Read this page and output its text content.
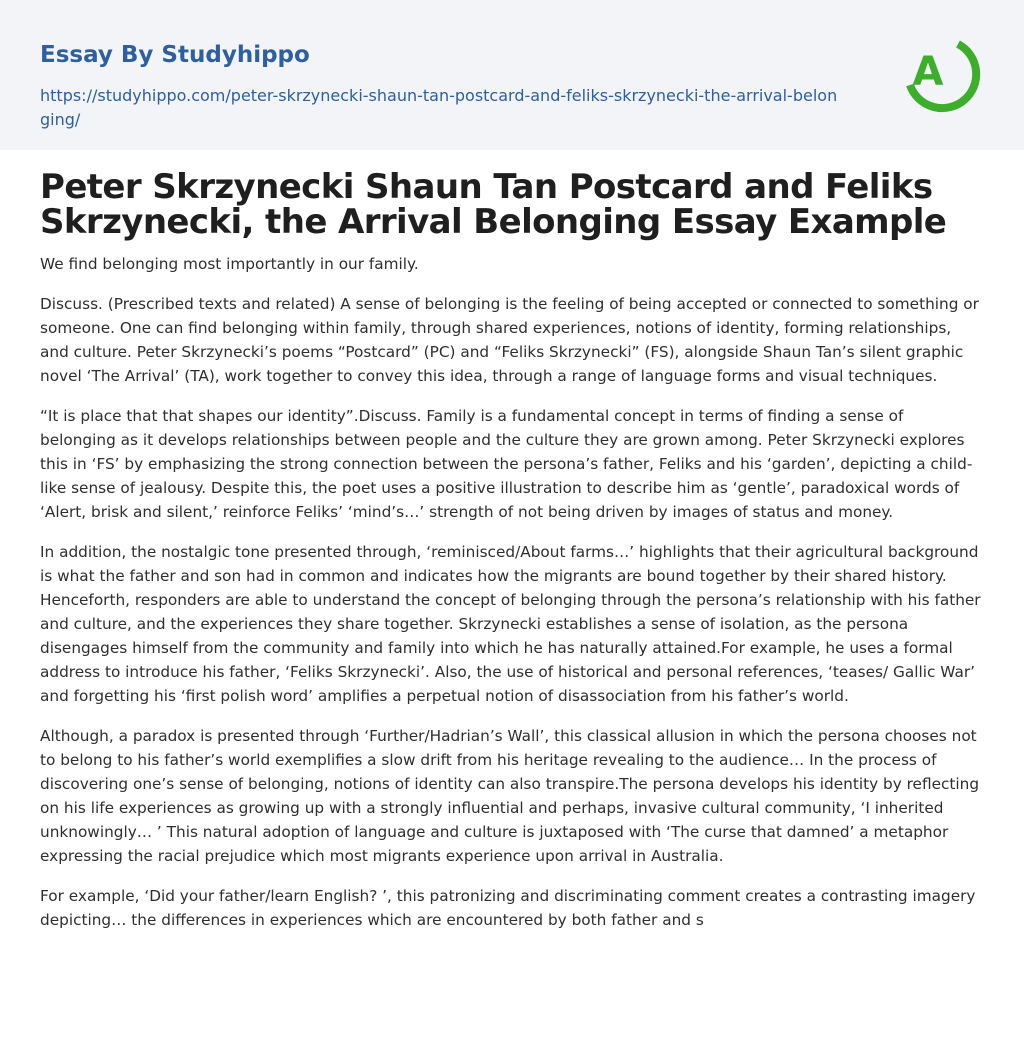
Essay By Studyhippo
https://studyhippo.com/peter-skrzynecki-shaun-tan-postcard-and-feliks-skrzynecki-the-arrival-belonging/
A
Peter Skrzynecki Shaun Tan Postcard and Feliks Skrzynecki, the Arrival Belonging Essay Example

We find belonging most importantly in our family.

Discuss. (Prescribed texts and related) A sense of belonging is the feeling of being accepted or connected to something or someone. One can find belonging within family, through shared experiences, notions of identity, forming relationships, and culture. Peter Skrzynecki’s poems “Postcard” (PC) and “Feliks Skrzynecki” (FS), alongside Shaun Tan’s silent graphic novel ‘The Arrival’ (TA), work together to convey this idea, through a range of language forms and visual techniques.

“It is place that that shapes our identity”.Discuss. Family is a fundamental concept in terms of finding a sense of belonging as it develops relationships between people and the culture they are grown among. Peter Skrzynecki explores this in ‘FS’ by emphasizing the strong connection between the persona’s father, Feliks and his ‘garden’, depicting a child-like sense of jealousy. Despite this, the poet uses a positive illustration to describe him as ‘gentle’, paradoxical words of ‘Alert, brisk and silent,’ reinforce Feliks’ ‘mind’s…’ strength of not being driven by images of status and money.

In addition, the nostalgic tone presented through, ‘reminisced/About farms…’ highlights that their agricultural background is what the father and son had in common and indicates how the migrants are bound together by their shared history. Henceforth, responders are able to understand the concept of belonging through the persona’s relationship with his father and culture, and the experiences they share together. Skrzynecki establishes a sense of isolation, as the persona disengages himself from the community and family into which he has naturally attained.For example, he uses a formal address to introduce his father, ‘Feliks Skrzynecki’. Also, the use of historical and personal references, ‘teases/ Gallic War’ and forgetting his ‘first polish word’ amplifies a perpetual notion of disassociation from his father’s world.

Although, a paradox is presented through ‘Further/Hadrian’s Wall’, this classical allusion in which the persona chooses not to belong to his father’s world exemplifies a slow drift from his heritage revealing to the audience… In the process of discovering one’s sense of belonging, notions of identity can also transpire.The persona develops his identity by reflecting on his life experiences as growing up with a strongly influential and perhaps, invasive cultural community, ‘I inherited unknowingly… ’ This natural adoption of language and culture is juxtaposed with ‘The curse that damned’ a metaphor expressing the racial prejudice which most migrants experience upon arrival in Australia.

For example, ‘Did your father/learn English? ’, this patronizing and discriminating comment creates a contrasting imagery depicting… the differences in experiences which are encountered by both father and s
